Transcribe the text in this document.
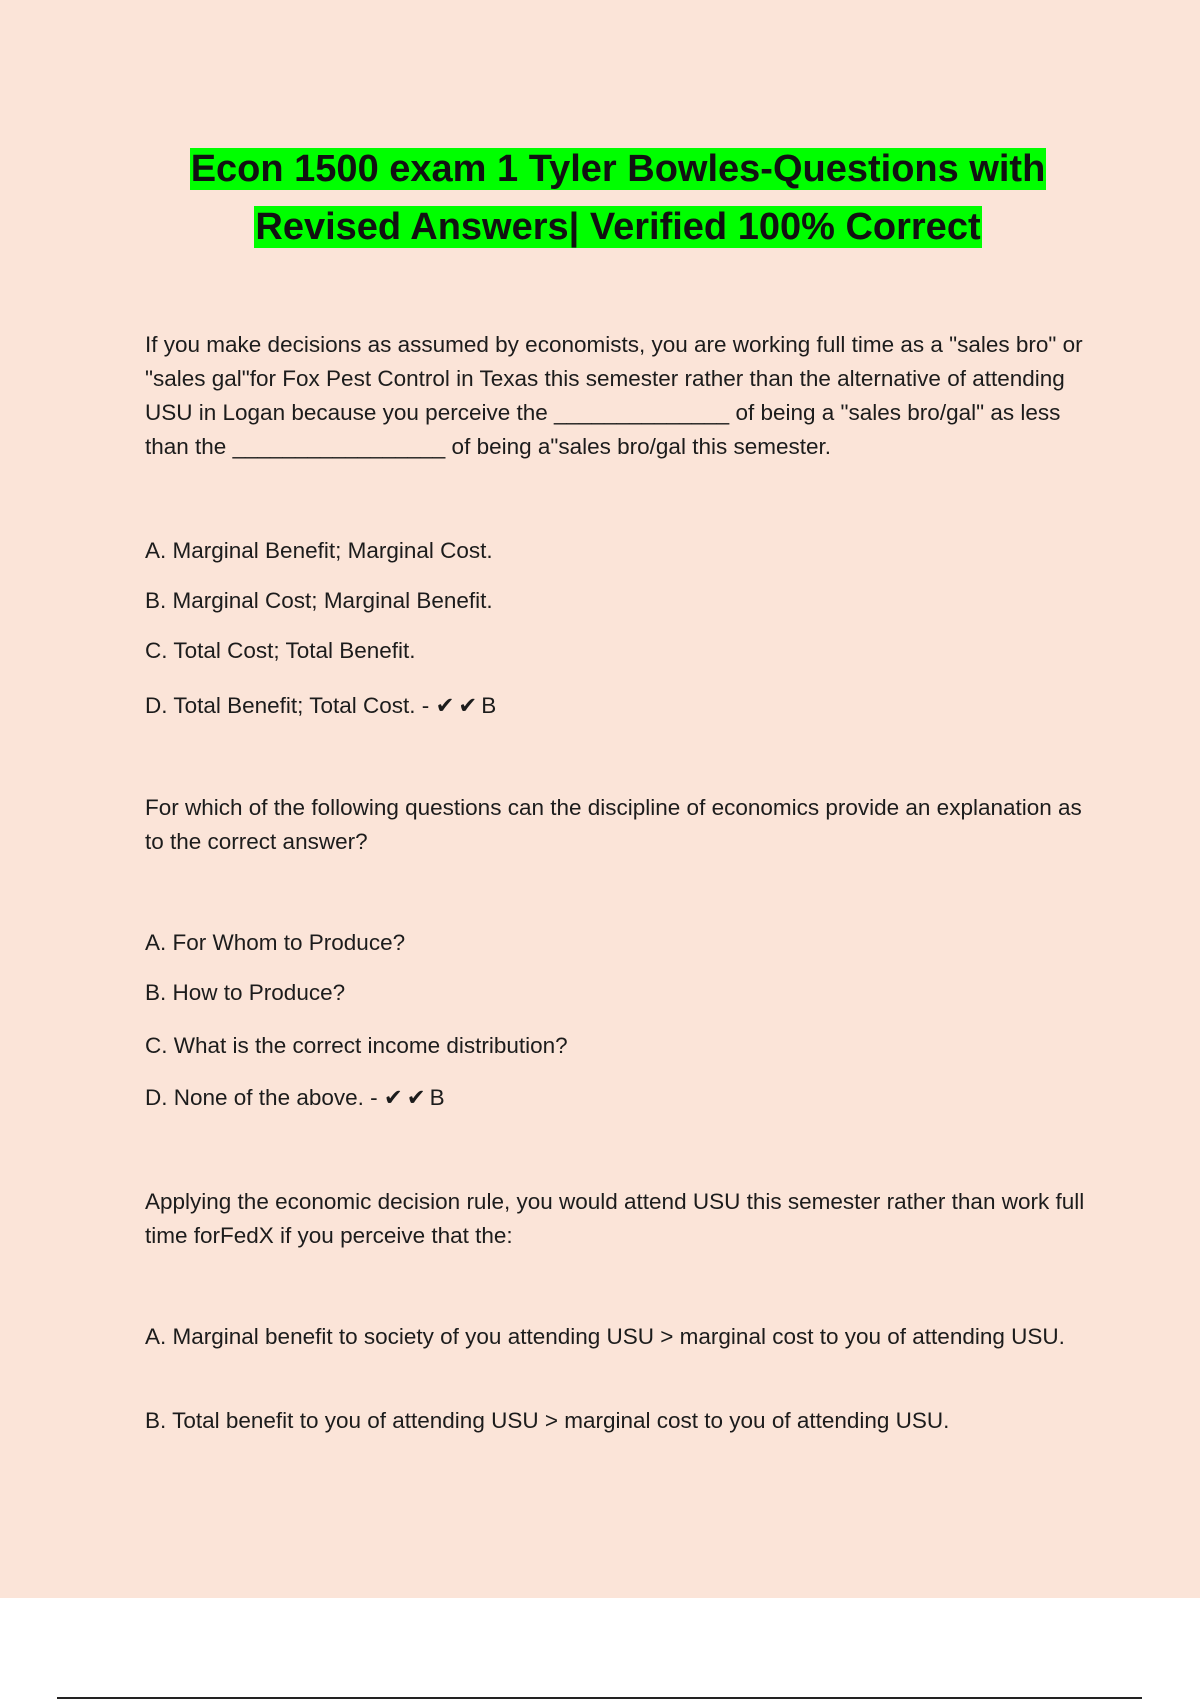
Econ 1500 exam 1 Tyler Bowles-Questions with
Revised Answers| Verified 100% Correct

If you make decisions as assumed by economists, you are working full time as a "sales bro" or "sales gal"for Fox Pest Control in Texas this semester rather than the alternative of attending USU in Logan because you perceive the ______________ of being a "sales bro/gal" as less than the _________________ of being a"sales bro/gal this semester.

A. Marginal Benefit; Marginal Cost.

B. Marginal Cost; Marginal Benefit.

C. Total Cost; Total Benefit.

D. Total Benefit; Total Cost. - ✔✔B

For which of the following questions can the discipline of economics provide an explanation as to the correct answer?

A. For Whom to Produce?

B. How to Produce?

C. What is the correct income distribution?

D. None of the above. - ✔✔B

Applying the economic decision rule, you would attend USU this semester rather than work full time forFedX if you perceive that the:

A. Marginal benefit to society of you attending USU > marginal cost to you of attending USU.

B. Total benefit to you of attending USU > marginal cost to you of attending USU.
